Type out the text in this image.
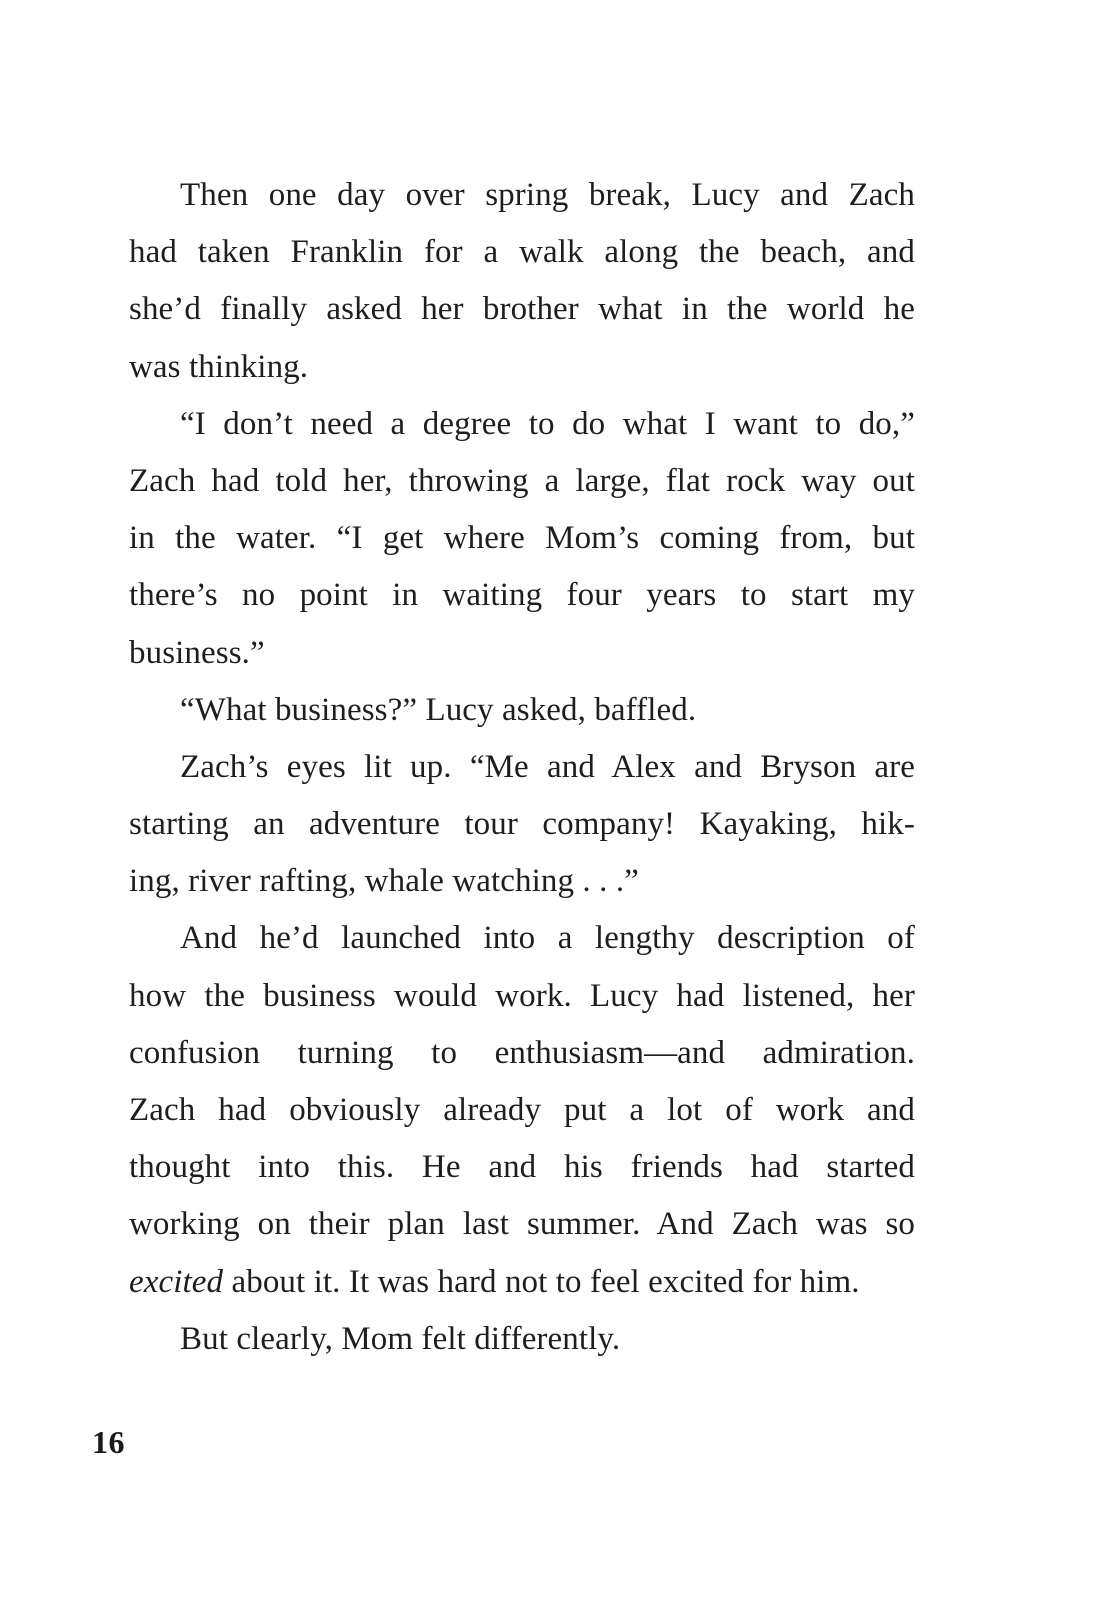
Then one day over spring break, Lucy and Zach
had taken Franklin for a walk along the beach, and
she’d finally asked her brother what in the world he
was thinking.
“I don’t need a degree to do what I want to do,”
Zach had told her, throwing a large, flat rock way out
in the water. “I get where Mom’s coming from, but
there’s no point in waiting four years to start my
business.”
“What business?” Lucy asked, baffled.
Zach’s eyes lit up. “Me and Alex and Bryson are
starting an adventure tour company! Kayaking, hik-
ing, river rafting, whale watching . . .”
And he’d launched into a lengthy description of
how the business would work. Lucy had listened, her
confusion turning to enthusiasm—and admiration.
Zach had obviously already put a lot of work and
thought into this. He and his friends had started
working on their plan last summer. And Zach was so
excited about it. It was hard not to feel excited for him.
But clearly, Mom felt differently.
16
